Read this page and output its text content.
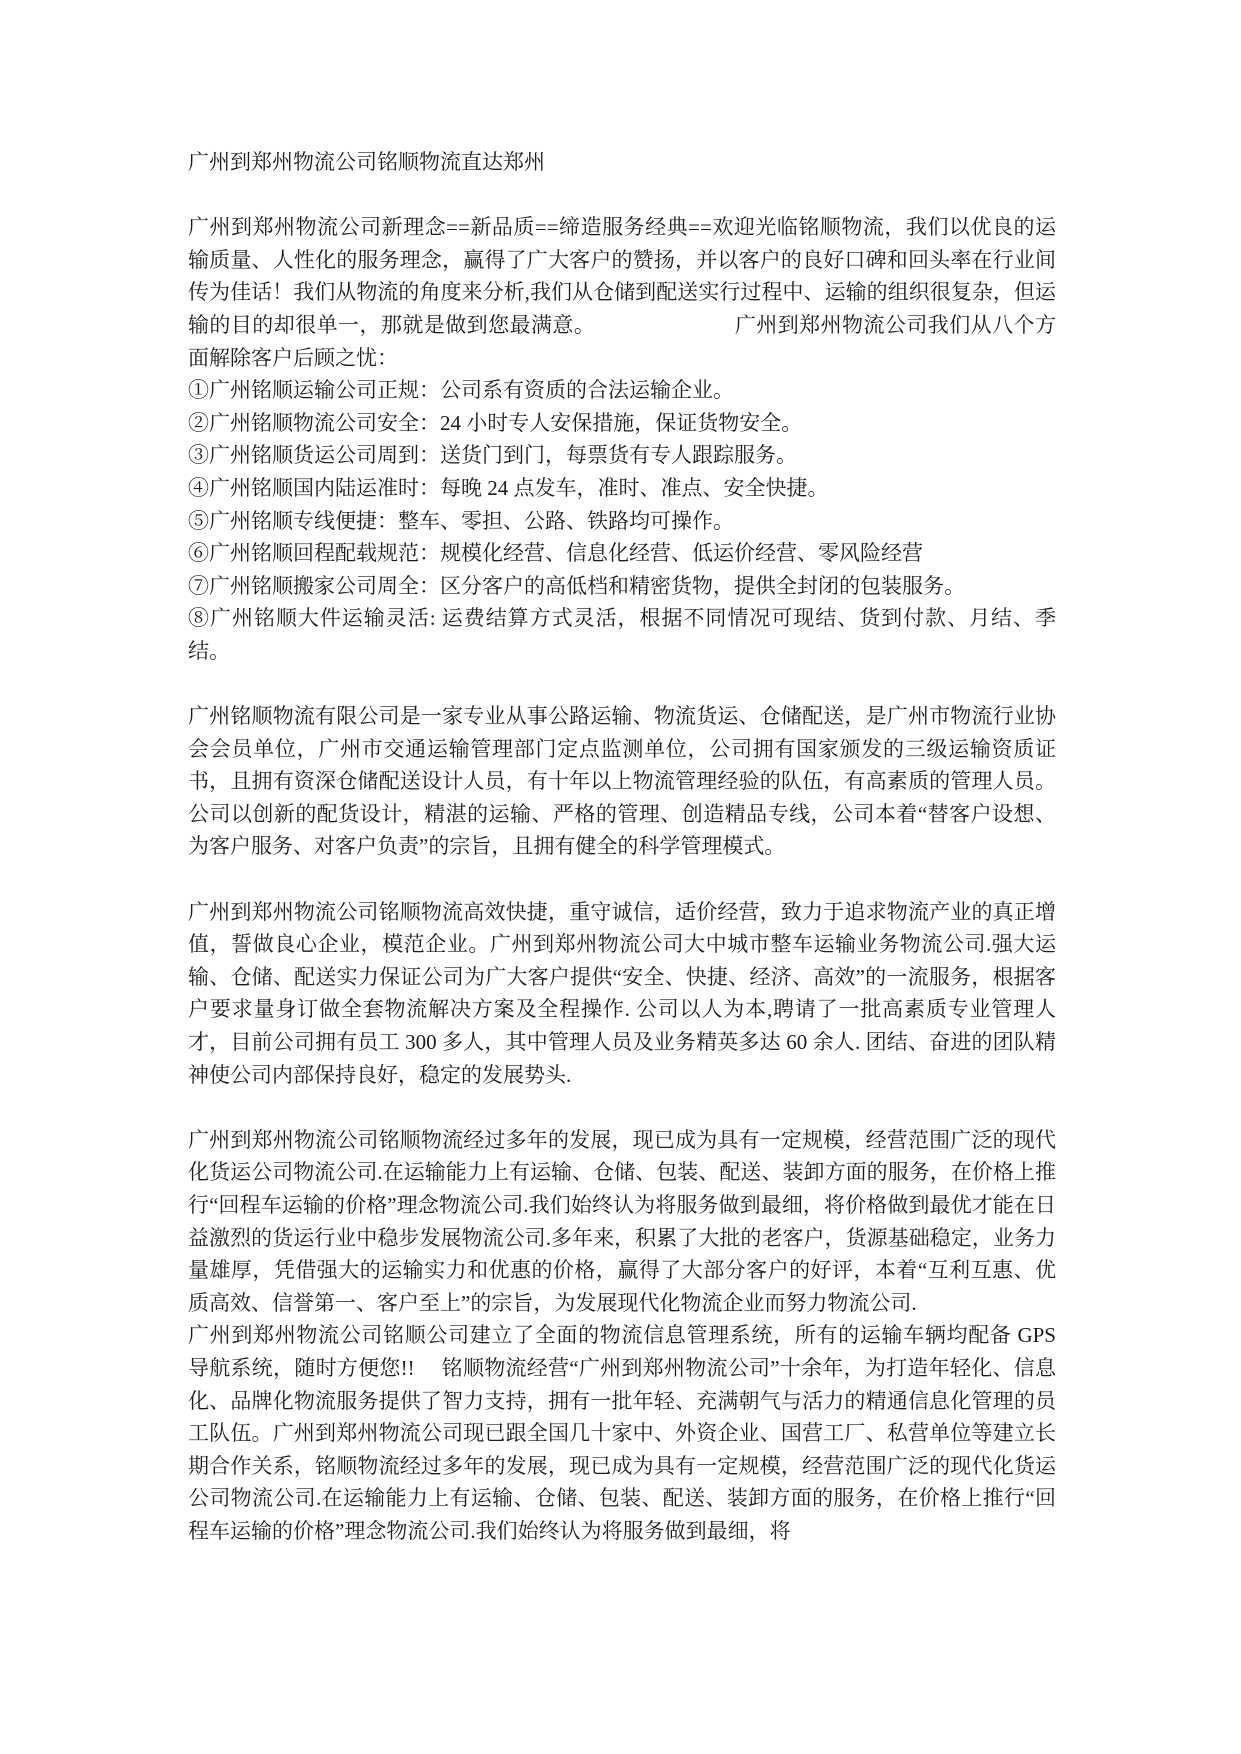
广州到郑州物流公司铭顺物流直达郑州

广州到郑州物流公司新理念==新品质==缔造服务经典==欢迎光临铭顺物流，我们以优良的运输质量、人性化的服务理念，赢得了广大客户的赞扬，并以客户的良好口碑和回头率在行业间传为佳话！我们从物流的角度来分析,我们从仓储到配送实行过程中、运输的组织很复杂，但运输的目的却很单一，那就是做到您最满意。　　　　　　　广州到郑州物流公司我们从八个方面解除客户后顾之忧：

①广州铭顺运输公司正规：公司系有资质的合法运输企业。

②广州铭顺物流公司安全：24 小时专人安保措施，保证货物安全。

③广州铭顺货运公司周到：送货门到门，每票货有专人跟踪服务。

④广州铭顺国内陆运准时：每晚 24 点发车，准时、准点、安全快捷。

⑤广州铭顺专线便捷：整车、零担、公路、铁路均可操作。

⑥广州铭顺回程配载规范：规模化经营、信息化经营、低运价经营、零风险经营

⑦广州铭顺搬家公司周全：区分客户的高低档和精密货物，提供全封闭的包装服务。

⑧广州铭顺大件运输灵活: 运费结算方式灵活，根据不同情况可现结、货到付款、月结、季结。

广州铭顺物流有限公司是一家专业从事公路运输、物流货运、仓储配送，是广州市物流行业协会会员单位，广州市交通运输管理部门定点监测单位，公司拥有国家颁发的三级运输资质证书，且拥有资深仓储配送设计人员，有十年以上物流管理经验的队伍，有高素质的管理人员。公司以创新的配货设计，精湛的运输、严格的管理、创造精品专线，公司本着“替客户设想、为客户服务、对客户负责”的宗旨，且拥有健全的科学管理模式。

广州到郑州物流公司铭顺物流高效快捷，重守诚信，适价经营，致力于追求物流产业的真正增值，誓做良心企业，模范企业。广州到郑州物流公司大中城市整车运输业务物流公司.强大运输、仓储、配送实力保证公司为广大客户提供“安全、快捷、经济、高效”的一流服务，根据客户要求量身订做全套物流解决方案及全程操作. 公司以人为本,聘请了一批高素质专业管理人才，目前公司拥有员工 300 多人，其中管理人员及业务精英多达 60 余人. 团结、奋进的团队精神使公司内部保持良好，稳定的发展势头.

广州到郑州物流公司铭顺物流经过多年的发展，现已成为具有一定规模，经营范围广泛的现代化货运公司物流公司.在运输能力上有运输、仓储、包装、配送、装卸方面的服务，在价格上推行“回程车运输的价格”理念物流公司.我们始终认为将服务做到最细，将价格做到最优才能在日益激烈的货运行业中稳步发展物流公司.多年来，积累了大批的老客户，货源基础稳定，业务力量雄厚，凭借强大的运输实力和优惠的价格，赢得了大部分客户的好评，本着“互利互惠、优质高效、信誉第一、客户至上”的宗旨，为发展现代化物流企业而努力物流公司.

广州到郑州物流公司铭顺公司建立了全面的物流信息管理系统，所有的运输车辆均配备 GPS 导航系统，随时方便您!!　 铭顺物流经营“广州到郑州物流公司”十余年，为打造年轻化、信息化、品牌化物流服务提供了智力支持，拥有一批年轻、充满朝气与活力的精通信息化管理的员工队伍。广州到郑州物流公司现已跟全国几十家中、外资企业、国营工厂、私营单位等建立长期合作关系，铭顺物流经过多年的发展，现已成为具有一定规模，经营范围广泛的现代化货运公司物流公司.在运输能力上有运输、仓储、包装、配送、装卸方面的服务，在价格上推行“回程车运输的价格”理念物流公司.我们始终认为将服务做到最细，将
